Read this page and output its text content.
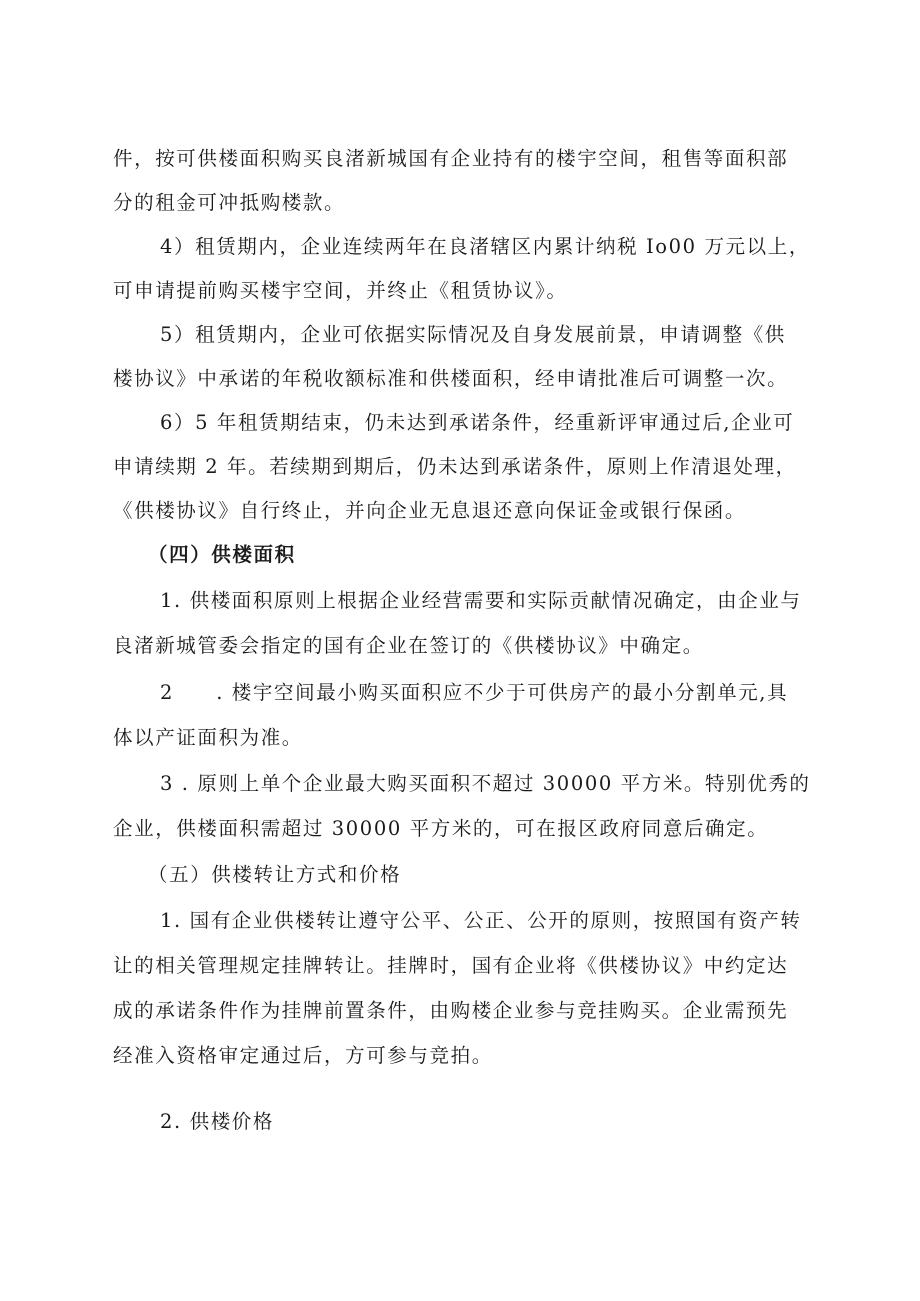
件，按可供楼面积购买良渚新城国有企业持有的楼宇空间，租售等面积部
分的租金可冲抵购楼款。
4）租赁期内，企业连续两年在良渚辖区内累计纳税 Io00 万元以上，
可申请提前购买楼宇空间，并终止《租赁协议》。
5）租赁期内，企业可依据实际情况及自身发展前景，申请调整《供
楼协议》中承诺的年税收额标准和供楼面积，经申请批准后可调整一次。
6）5 年租赁期结束，仍未达到承诺条件，经重新评审通过后,企业可
申请续期 2 年。若续期到期后，仍未达到承诺条件，原则上作清退处理，
《供楼协议》自行终止，并向企业无息退还意向保证金或银行保函。
（四）供楼面积
1. 供楼面积原则上根据企业经营需要和实际贡献情况确定，由企业与
良渚新城管委会指定的国有企业在签订的《供楼协议》中确定。
2　　. 楼宇空间最小购买面积应不少于可供房产的最小分割单元,具
体以产证面积为准。
3 . 原则上单个企业最大购买面积不超过 30000 平方米。特别优秀的
企业，供楼面积需超过 30000 平方米的，可在报区政府同意后确定。
（五）供楼转让方式和价格
1. 国有企业供楼转让遵守公平、公正、公开的原则，按照国有资产转
让的相关管理规定挂牌转让。挂牌时，国有企业将《供楼协议》中约定达
成的承诺条件作为挂牌前置条件，由购楼企业参与竞挂购买。企业需预先
经准入资格审定通过后，方可参与竞拍。
2. 供楼价格
